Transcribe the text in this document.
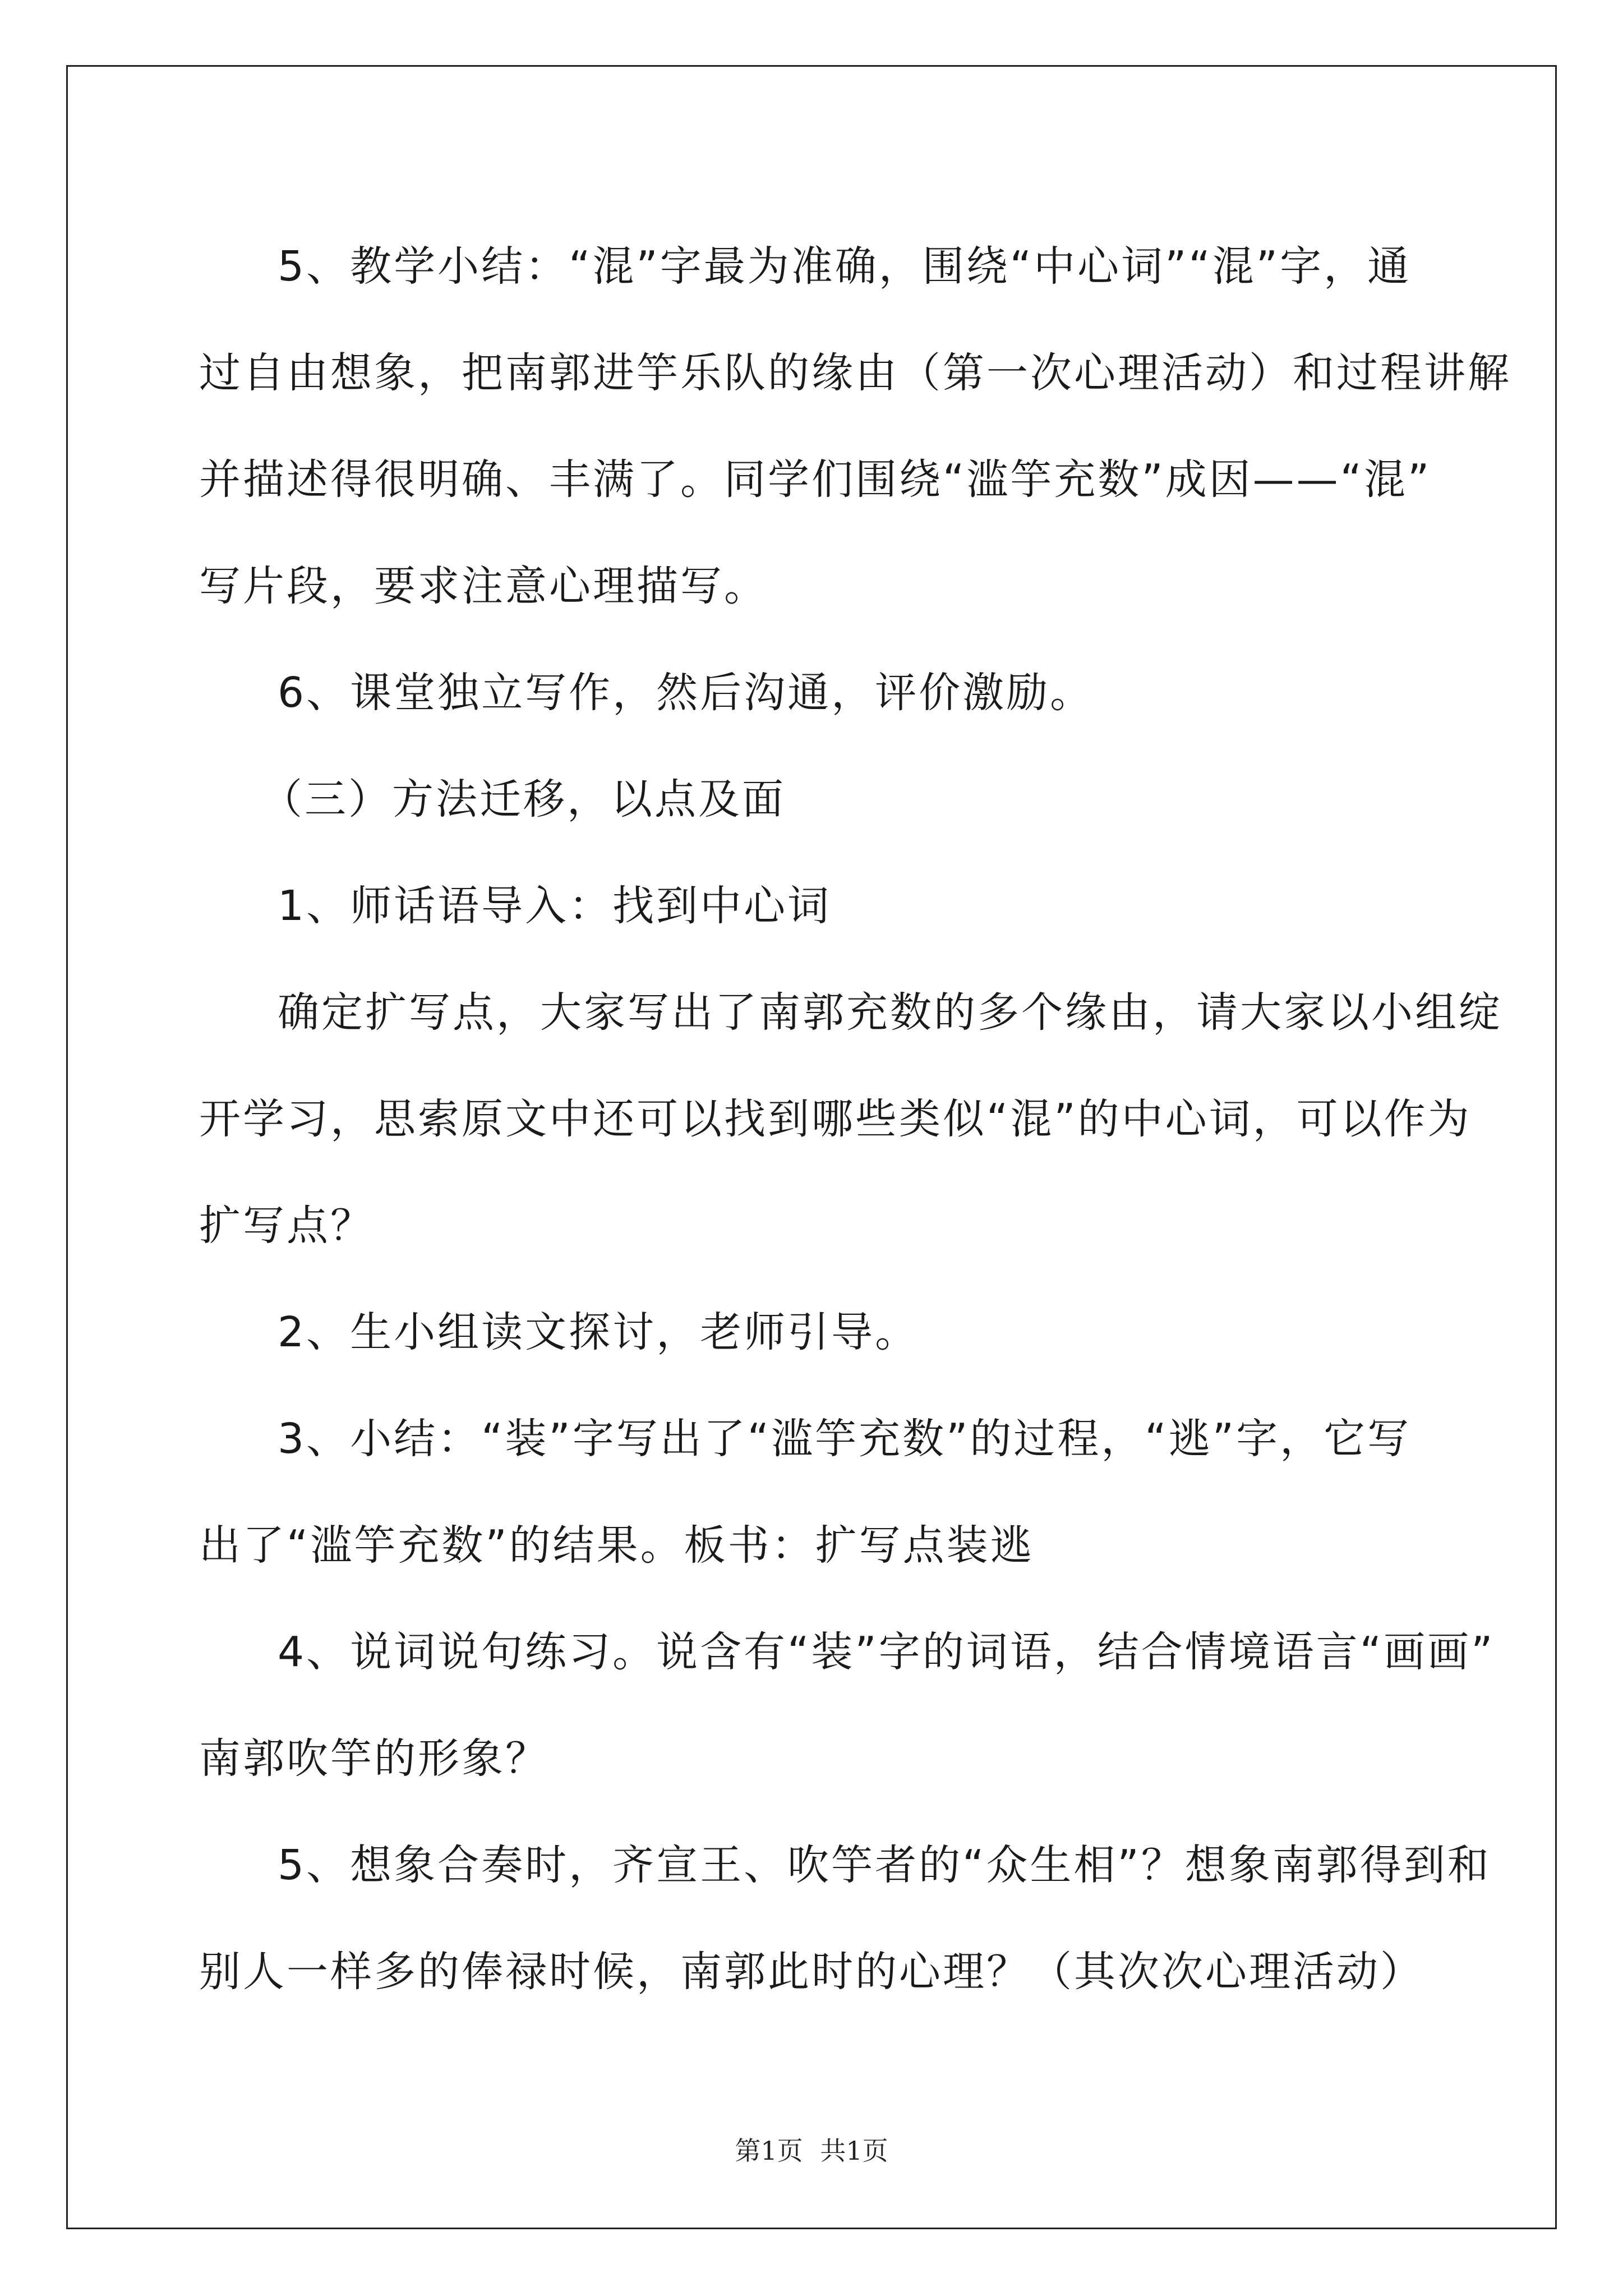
5、教学小结：“混”字最为准确，围绕“中心词”“混”字，通

过自由想象，把南郭进竽乐队的缘由（第一次心理活动）和过程讲解

并描述得很明确、丰满了。同学们围绕“滥竽充数”成因——“混”

写片段，要求注意心理描写。

6、课堂独立写作，然后沟通，评价激励。

（三）方法迁移，以点及面

1、师话语导入：找到中心词

确定扩写点，大家写出了南郭充数的多个缘由，请大家以小组绽

开学习，思索原文中还可以找到哪些类似“混”的中心词，可以作为

扩写点？

2、生小组读文探讨，老师引导。

3、小结：“装”字写出了“滥竽充数”的过程，“逃”字，它写

出了“滥竽充数”的结果。板书：扩写点装逃

4、说词说句练习。说含有“装”字的词语，结合情境语言“画画”

南郭吹竽的形象？

5、想象合奏时，齐宣王、吹竽者的“众生相”？想象南郭得到和

别人一样多的俸禄时候，南郭此时的心理？（其次次心理活动）

第1页 共1页
